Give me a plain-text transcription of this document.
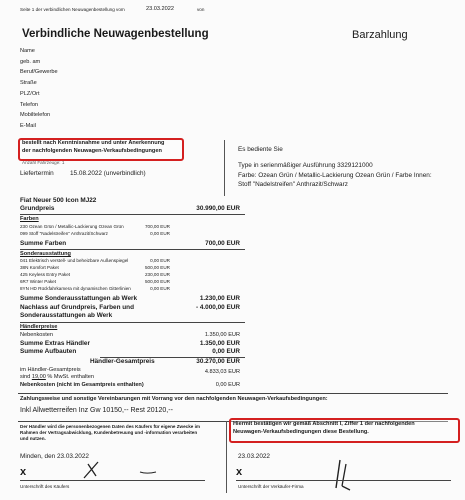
Seite 1 der verbindlichen Neuwagenbestellung vom	23.03.2022	von
Verbindliche Neuwagenbestellung	Barzahlung
Name
geb. am
Beruf/Gewerbe
Straße
PLZ/Ort
Telefon
Mobiltelefon
E-Mail
bestellt nach Kenntnisnahme und unter Anerkennung
der nachfolgenden Neuwagen-Verkaufsbedingungen
Anzahl Fahrzeuge: 1
Liefertermin	15.08.2022 (unverbindlich)
Es bediente Sie
Type in serienmäßiger Ausführung 3329121000
Farbe: Ozean Grün / Metallic-Lackierung Ozean Grün / Farbe Innen:
Stoff "Nadelstreifen" Anthrazit/Schwarz
Fiat Neuer 500 Icon MJ22
Grundpreis	30.990,00 EUR
Farben
230 Ozean Grün / Metallic-Lackierung Ozean Grün	700,00 EUR
099 Stoff "Nadelstreifen" Anthrazit/Schwarz	0,00 EUR
Summe Farben	700,00 EUR
Sonderausstattung
041 Elektrisch verstell- und beheizbare Außenspiegel	0,00 EUR
38N Komfort Paket	500,00 EUR
425 Keyless Entry Paket	230,00 EUR
6R7 Winter Paket	500,00 EUR
8YN HD Rückfahrkamera mit dynamischen Gitterlinien	0,00 EUR
Summe Sonderausstattungen ab Werk	1.230,00 EUR
Nachlass auf Grundpreis, Farben und	- 4.000,00 EUR
Sonderausstattungen ab Werk
Händlerpreise
Nebenkosten	1.350,00 EUR
Summe Extras Händler	1.350,00 EUR
Summe Aufbauten	0,00 EUR
Händler-Gesamtpreis	30.270,00 EUR
im Händler-Gesamtpreis	4.833,03 EUR
sind 19,00 % MwSt. enthalten
Nebenkosten (nicht im Gesamtpreis enthalten)	0,00 EUR
Zahlungsweise und sonstige Vereinbarungen mit Vorrang vor den nachfolgenden Neuwagen-Verkaufsbedingungen:
Inkl Allwetterreifen Inz Gw 10150,-- Rest 20120,--
Der Händler wird die personenbezogenen Daten des Käufers für eigene Zwecke im
Rahmen der Vertragsabwicklung, Kundenbetreuung und -information verarbeiten
und nutzen.
Hiermit bestätigen wir gemäß Abschnitt I, Ziffer 1 der nachfolgenden
Neuwagen-Verkaufsbedingungen diese Bestellung.
Minden, den 23.03.2022	23.03.2022
x	x
Unterschrift des Käufers	Unterschrift der Verkäufer-Firma
